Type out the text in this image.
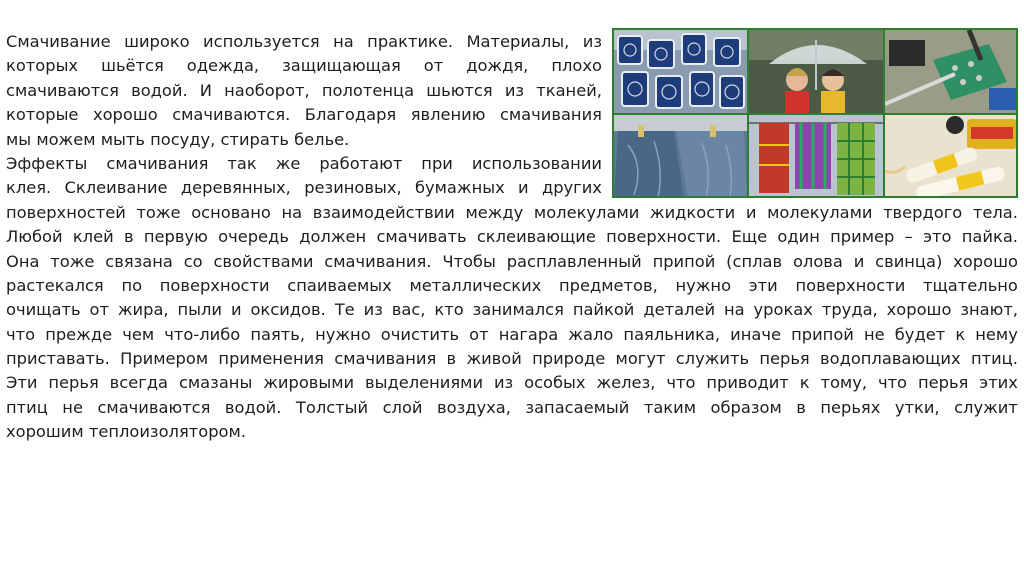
Смачивание широко используется на практике. Материалы, из
которых шьётся одежда, защищающая от дождя, плохо
смачиваются водой. И наоборот, полотенца шьются из тканей,
которые хорошо смачиваются. Благодаря явлению смачивания
мы можем мыть посуду, стирать белье.
Эффекты смачивания так же работают при использовании
клея. Склеивание деревянных, резиновых, бумажных и других
поверхностей тоже основано на взаимодействии между молекулами жидкости и молекулами твердого тела.
Любой клей в первую очередь должен смачивать склеивающие поверхности. Еще один пример – это пайка.
Она тоже связана со свойствами смачивания. Чтобы расплавленный припой (сплав олова и свинца) хорошо
растекался по поверхности спаиваемых металлических предметов, нужно эти поверхности тщательно
очищать от жира, пыли и оксидов. Те из вас, кто занимался пайкой деталей на уроках труда, хорошо знают,
что прежде чем что-либо паять, нужно очистить от нагара жало паяльника, иначе припой не будет к нему
приставать. Примером применения смачивания в живой природе могут служить перья водоплавающих птиц.
Эти перья всегда смазаны жировыми выделениями из особых желез, что приводит к тому, что перья этих
птиц не смачиваются водой. Толстый слой воздуха, запасаемый таким образом в перьях утки, служит
хорошим теплоизолятором.
